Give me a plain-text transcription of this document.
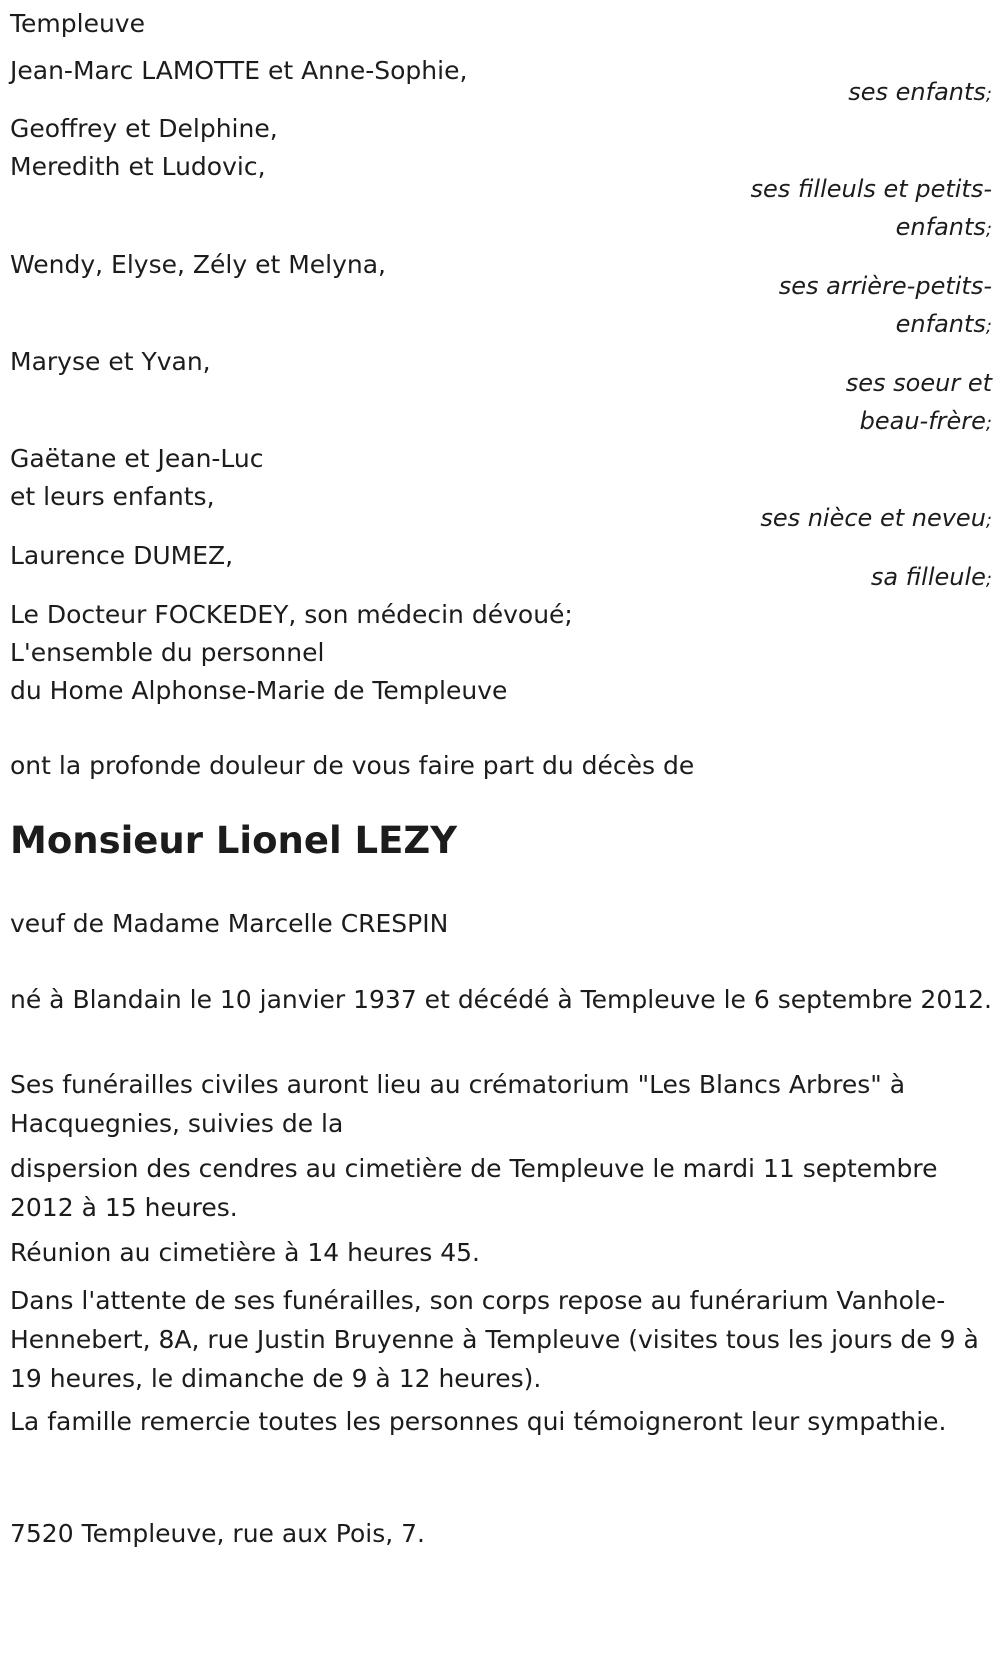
Templeuve
Jean-Marc LAMOTTE et Anne-Sophie,
ses enfants;
Geoffrey et Delphine,
Meredith et Ludovic,
ses filleuls et petits-
enfants;
Wendy, Elyse, Zély et Melyna,
ses arrière-petits-
enfants;
Maryse et Yvan,
ses soeur et
beau-frère;
Gaëtane et Jean-Luc
et leurs enfants,
ses nièce et neveu;
Laurence DUMEZ,
sa filleule;
Le Docteur FOCKEDEY, son médecin dévoué;
L'ensemble du personnel
du Home Alphonse-Marie de Templeuve
ont la profonde douleur de vous faire part du décès de
Monsieur Lionel LEZY
veuf de Madame Marcelle CRESPIN
né à Blandain le 10 janvier 1937 et décédé à Templeuve le 6 septembre 2012.
Ses funérailles civiles auront lieu au crématorium "Les Blancs Arbres" à Hacquegnies, suivies de la
dispersion des cendres au cimetière de Templeuve le mardi 11 septembre 2012 à 15 heures.
Réunion au cimetière à 14 heures 45.
Dans l'attente de ses funérailles, son corps repose au funérarium Vanhole-Hennebert, 8A, rue Justin Bruyenne à Templeuve (visites tous les jours de 9 à 19 heures, le dimanche de 9 à 12 heures).
La famille remercie toutes les personnes qui témoigneront leur sympathie.
7520 Templeuve, rue aux Pois, 7.
